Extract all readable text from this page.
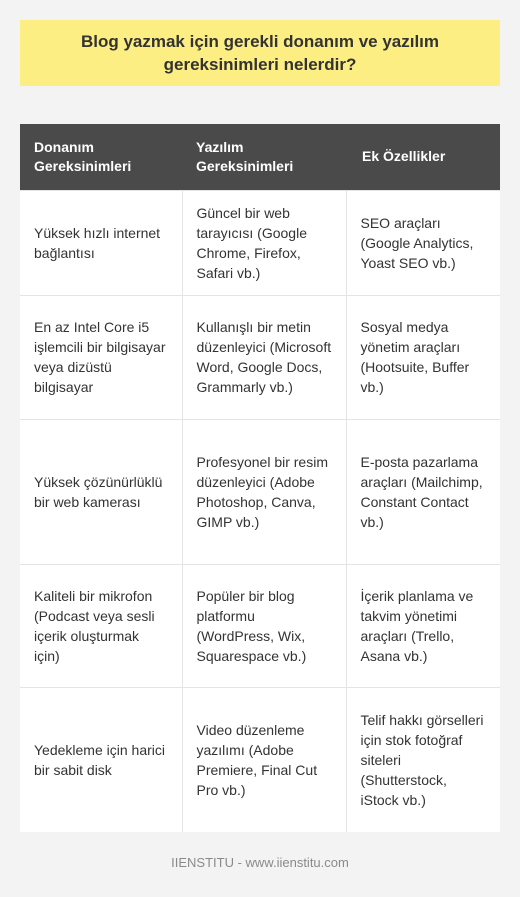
Blog yazmak için gerekli donanım ve yazılım gereksinimleri nelerdir?
Donanım Gereksinimleri	Yazılım Gereksinimleri	Ek Özellikler
Yüksek hızlı internet bağlantısı	Güncel bir web tarayıcısı (Google Chrome, Firefox, Safari vb.)	SEO araçları (Google Analytics, Yoast SEO vb.)
En az Intel Core i5 işlemcili bir bilgisayar veya dizüstü bilgisayar	Kullanışlı bir metin düzenleyici (Microsoft Word, Google Docs, Grammarly vb.)	Sosyal medya yönetim araçları (Hootsuite, Buffer vb.)
Yüksek çözünürlüklü bir web kamerası	Profesyonel bir resim düzenleyici (Adobe Photoshop, Canva, GIMP vb.)	E-posta pazarlama araçları (Mailchimp, Constant Contact vb.)
Kaliteli bir mikrofon (Podcast veya sesli içerik oluşturmak için)	Popüler bir blog platformu (WordPress, Wix, Squarespace vb.)	İçerik planlama ve takvim yönetimi araçları (Trello, Asana vb.)
Yedekleme için harici bir sabit disk	Video düzenleme yazılımı (Adobe Premiere, Final Cut Pro vb.)	Telif hakkı görselleri için stok fotoğraf siteleri (Shutterstock, iStock vb.)
IIENSTITU - www.iienstitu.com
